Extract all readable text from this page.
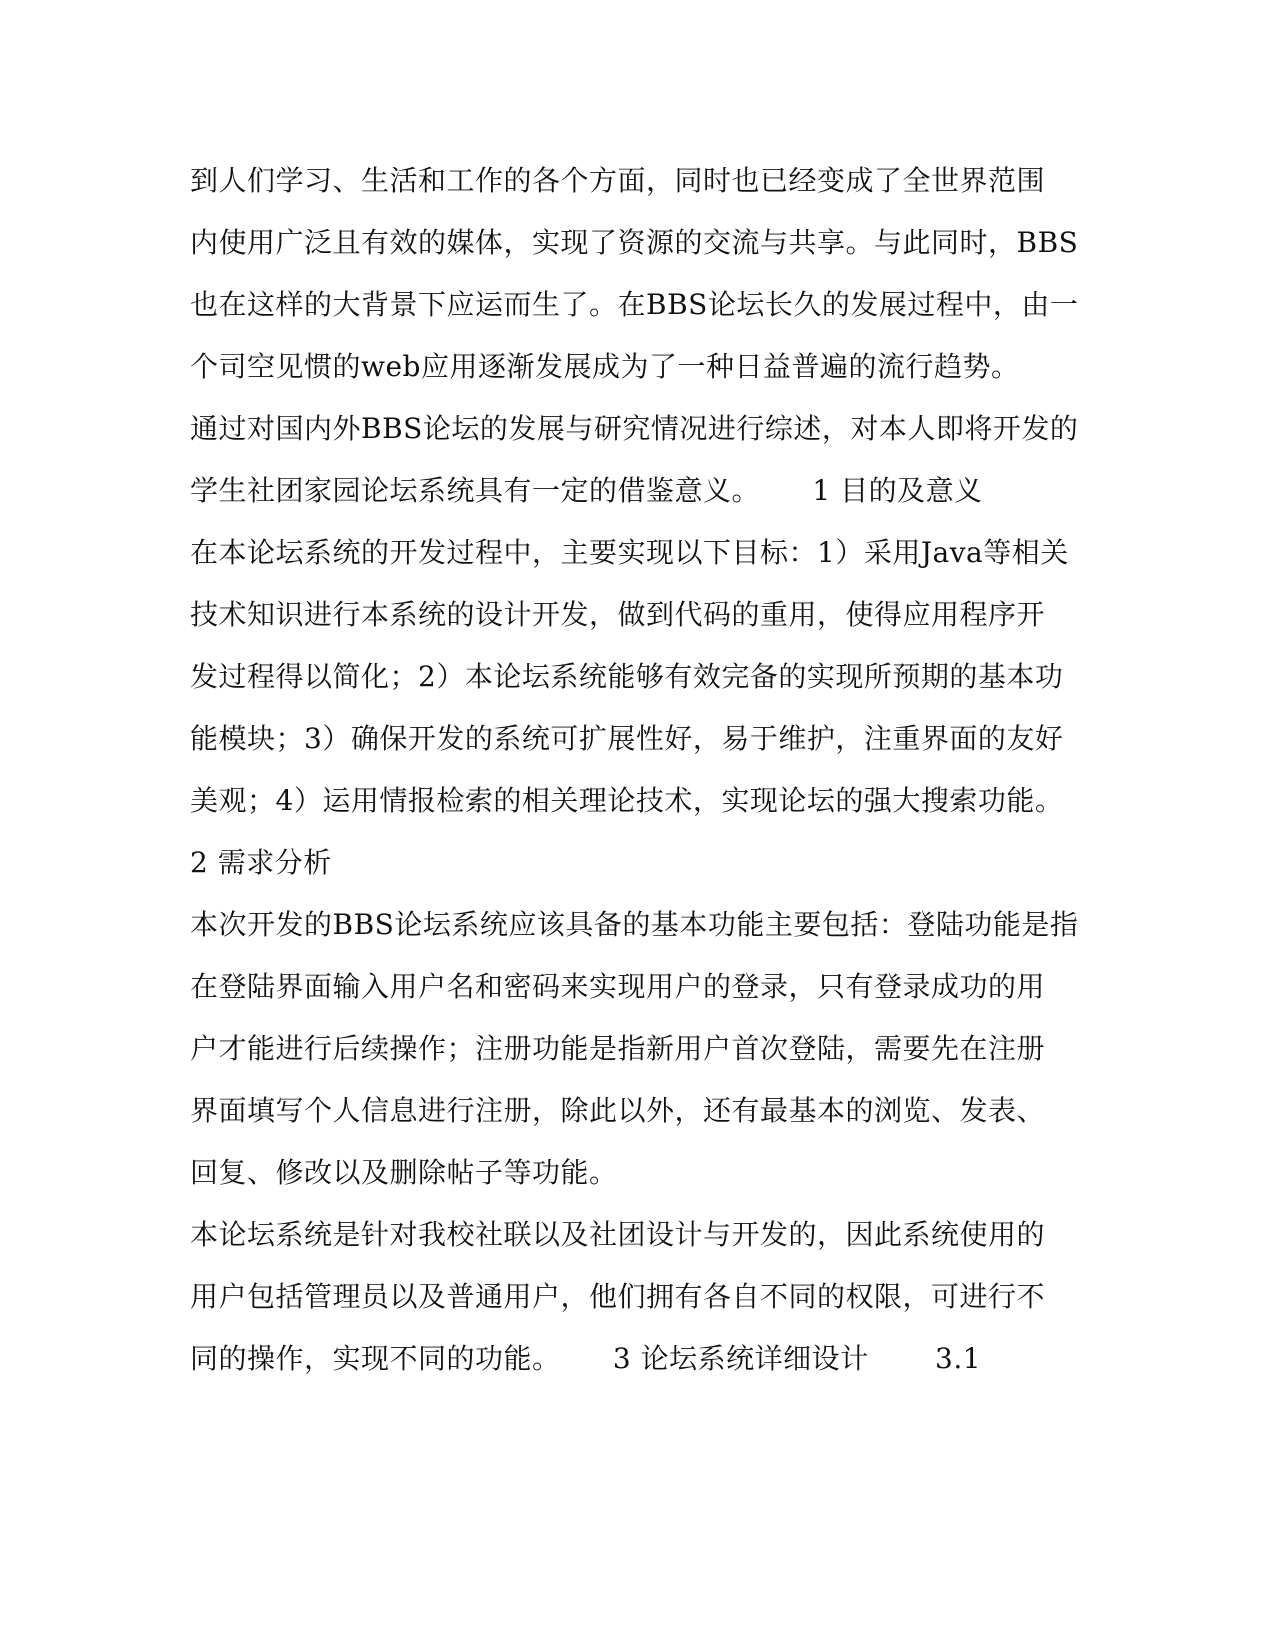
到人们学习、生活和工作的各个方面，同时也已经变成了全世界范围
内使用广泛且有效的媒体，实现了资源的交流与共享。与此同时，BBS
也在这样的大背景下应运而生了。在BBS论坛长久的发展过程中，由一
个司空见惯的web应用逐渐发展成为了一种日益普遍的流行趋势。
通过对国内外BBS论坛的发展与研究情况进行综述，对本人即将开发的
学生社团家园论坛系统具有一定的借鉴意义。　　 1 目的及意义
在本论坛系统的开发过程中，主要实现以下目标：1）采用Java等相关
技术知识进行本系统的设计开发，做到代码的重用，使得应用程序开
发过程得以简化；2）本论坛系统能够有效完备的实现所预期的基本功
能模块；3）确保开发的系统可扩展性好，易于维护，注重界面的友好
美观；4）运用情报检索的相关理论技术，实现论坛的强大搜索功能。
2 需求分析
本次开发的BBS论坛系统应该具备的基本功能主要包括：登陆功能是指
在登陆界面输入用户名和密码来实现用户的登录，只有登录成功的用
户才能进行后续操作；注册功能是指新用户首次登陆，需要先在注册
界面填写个人信息进行注册，除此以外，还有最基本的浏览、发表、
回复、修改以及删除帖子等功能。
本论坛系统是针对我校社联以及社团设计与开发的，因此系统使用的
用户包括管理员以及普通用户，他们拥有各自不同的权限，可进行不
同的操作，实现不同的功能。　　 3 论坛系统详细设计　　 3.1
